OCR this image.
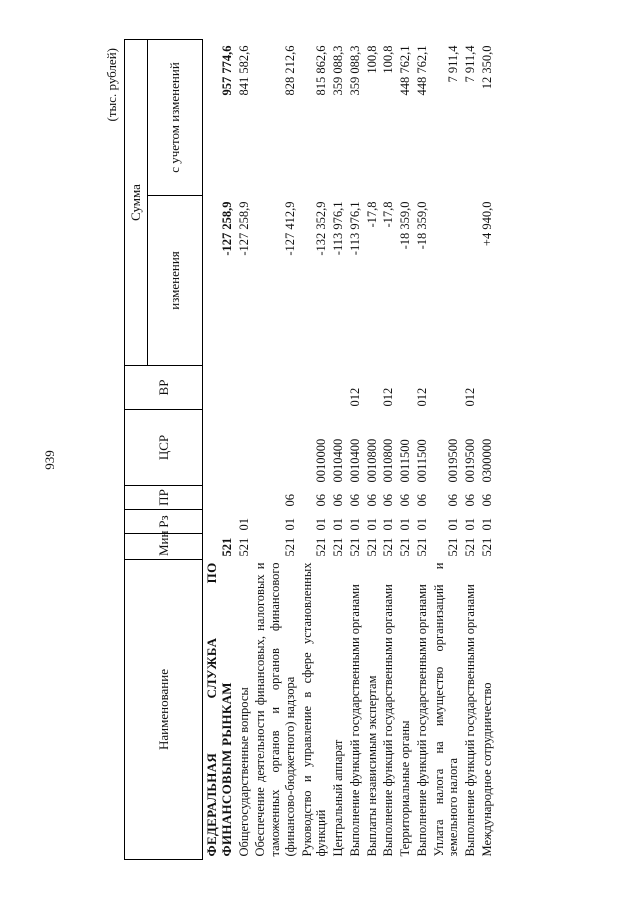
939
(тыс. рублей)
Наименование	Мин	Рз	ПР	ЦСР	ВР	Сумма	
						изменения	с учетом изменений
ФЕДЕРАЛЬНАЯ СЛУЖБА ПО ФИНАНСОВЫМ РЫНКАМ	521					-127 258,9	957 774,6
Общегосударственные вопросы	521	01				-127 258,9	841 582,6
Обеспечение деятельности финансовых, налоговых и таможенных органов и органов финансового (финансово-бюджетного) надзора	521	01	06			-127 412,9	828 212,6
Руководство и управление в сфере установленных функций	521	01	06	0010000		-132 352,9	815 862,6
Центральный аппарат	521	01	06	0010400		-113 976,1	359 088,3
Выполнение функций государственными органами	521	01	06	0010400	012	-113 976,1	359 088,3
Выплаты независимым экспертам	521	01	06	0010800		-17,8	100,8
Выполнение функций государственными органами	521	01	06	0010800	012	-17,8	100,8
Территориальные органы	521	01	06	0011500		-18 359,0	448 762,1
Выполнение функций государственными органами	521	01	06	0011500	012	-18 359,0	448 762,1
Уплата налога на имущество организаций и земельного налога	521	01	06	0019500			7 911,4
Выполнение функций государственными органами	521	01	06	0019500	012		7 911,4
Международное сотрудничество	521	01	06	0300000		+4 940,0	12 350,0
